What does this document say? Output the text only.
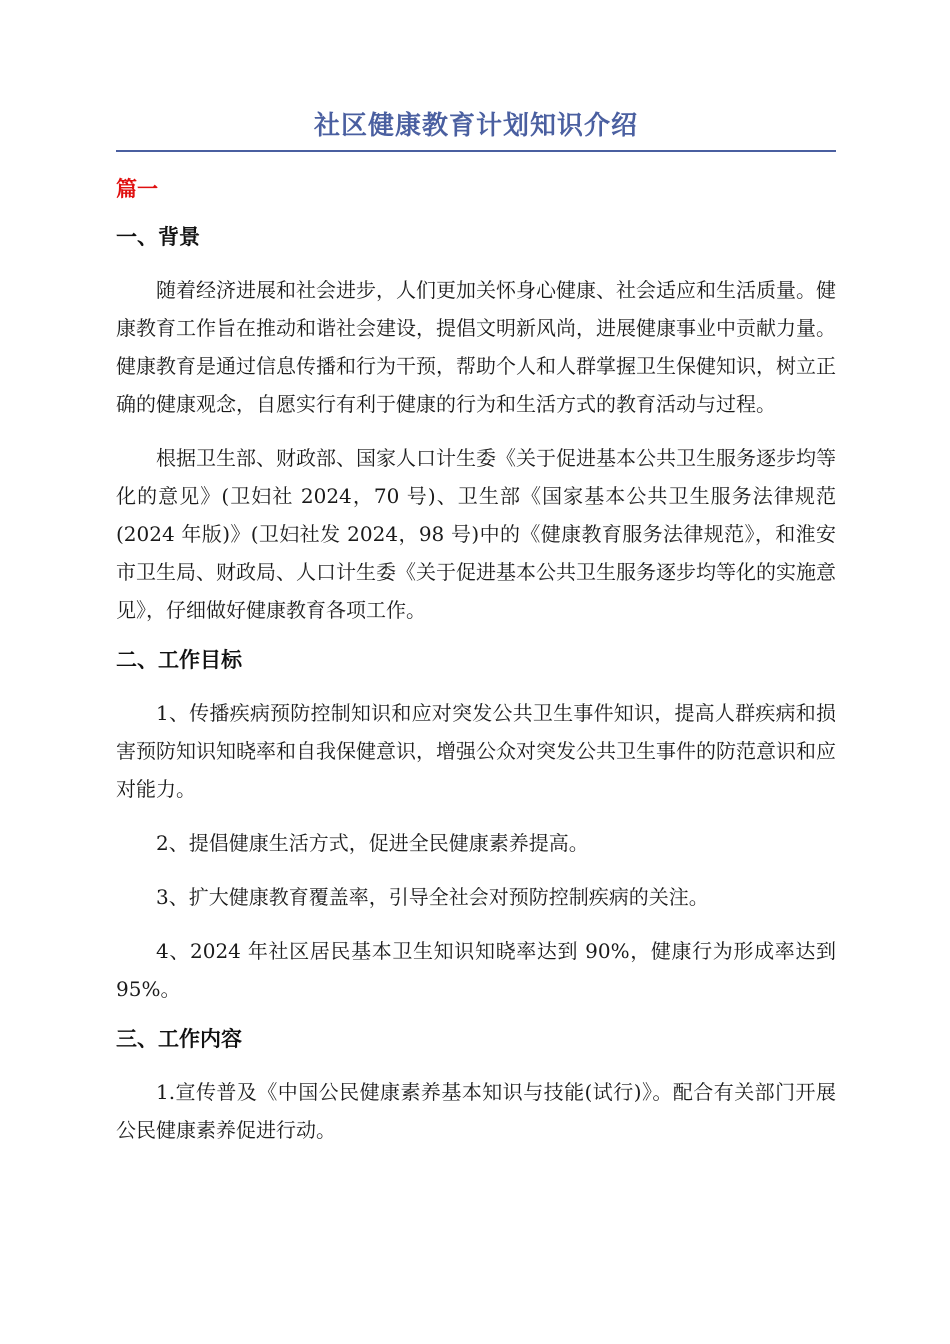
社区健康教育计划知识介绍
篇一
一、背景

随着经济进展和社会进步，人们更加关怀身心健康、社会适应和生活质量。健康教育工作旨在推动和谐社会建设，提倡文明新风尚，进展健康事业中贡献力量。健康教育是通过信息传播和行为干预，帮助个人和人群掌握卫生保健知识，树立正确的健康观念，自愿实行有利于健康的行为和生活方式的教育活动与过程。

根据卫生部、财政部、国家人口计生委《关于促进基本公共卫生服务逐步均等化的意见》(卫妇社 2024，70 号)、卫生部《国家基本公共卫生服务法律规范(2024 年版)》(卫妇社发 2024，98 号)中的《健康教育服务法律规范》，和淮安市卫生局、财政局、人口计生委《关于促进基本公共卫生服务逐步均等化的实施意见》，仔细做好健康教育各项工作。

二、工作目标

1、传播疾病预防控制知识和应对突发公共卫生事件知识，提高人群疾病和损害预防知识知晓率和自我保健意识，增强公众对突发公共卫生事件的防范意识和应对能力。

2、提倡健康生活方式，促进全民健康素养提高。

3、扩大健康教育覆盖率，引导全社会对预防控制疾病的关注。

4、2024 年社区居民基本卫生知识知晓率达到 90%，健康行为形成率达到 95%。

三、工作内容

1.宣传普及《中国公民健康素养基本知识与技能(试行)》。配合有关部门开展公民健康素养促进行动。
